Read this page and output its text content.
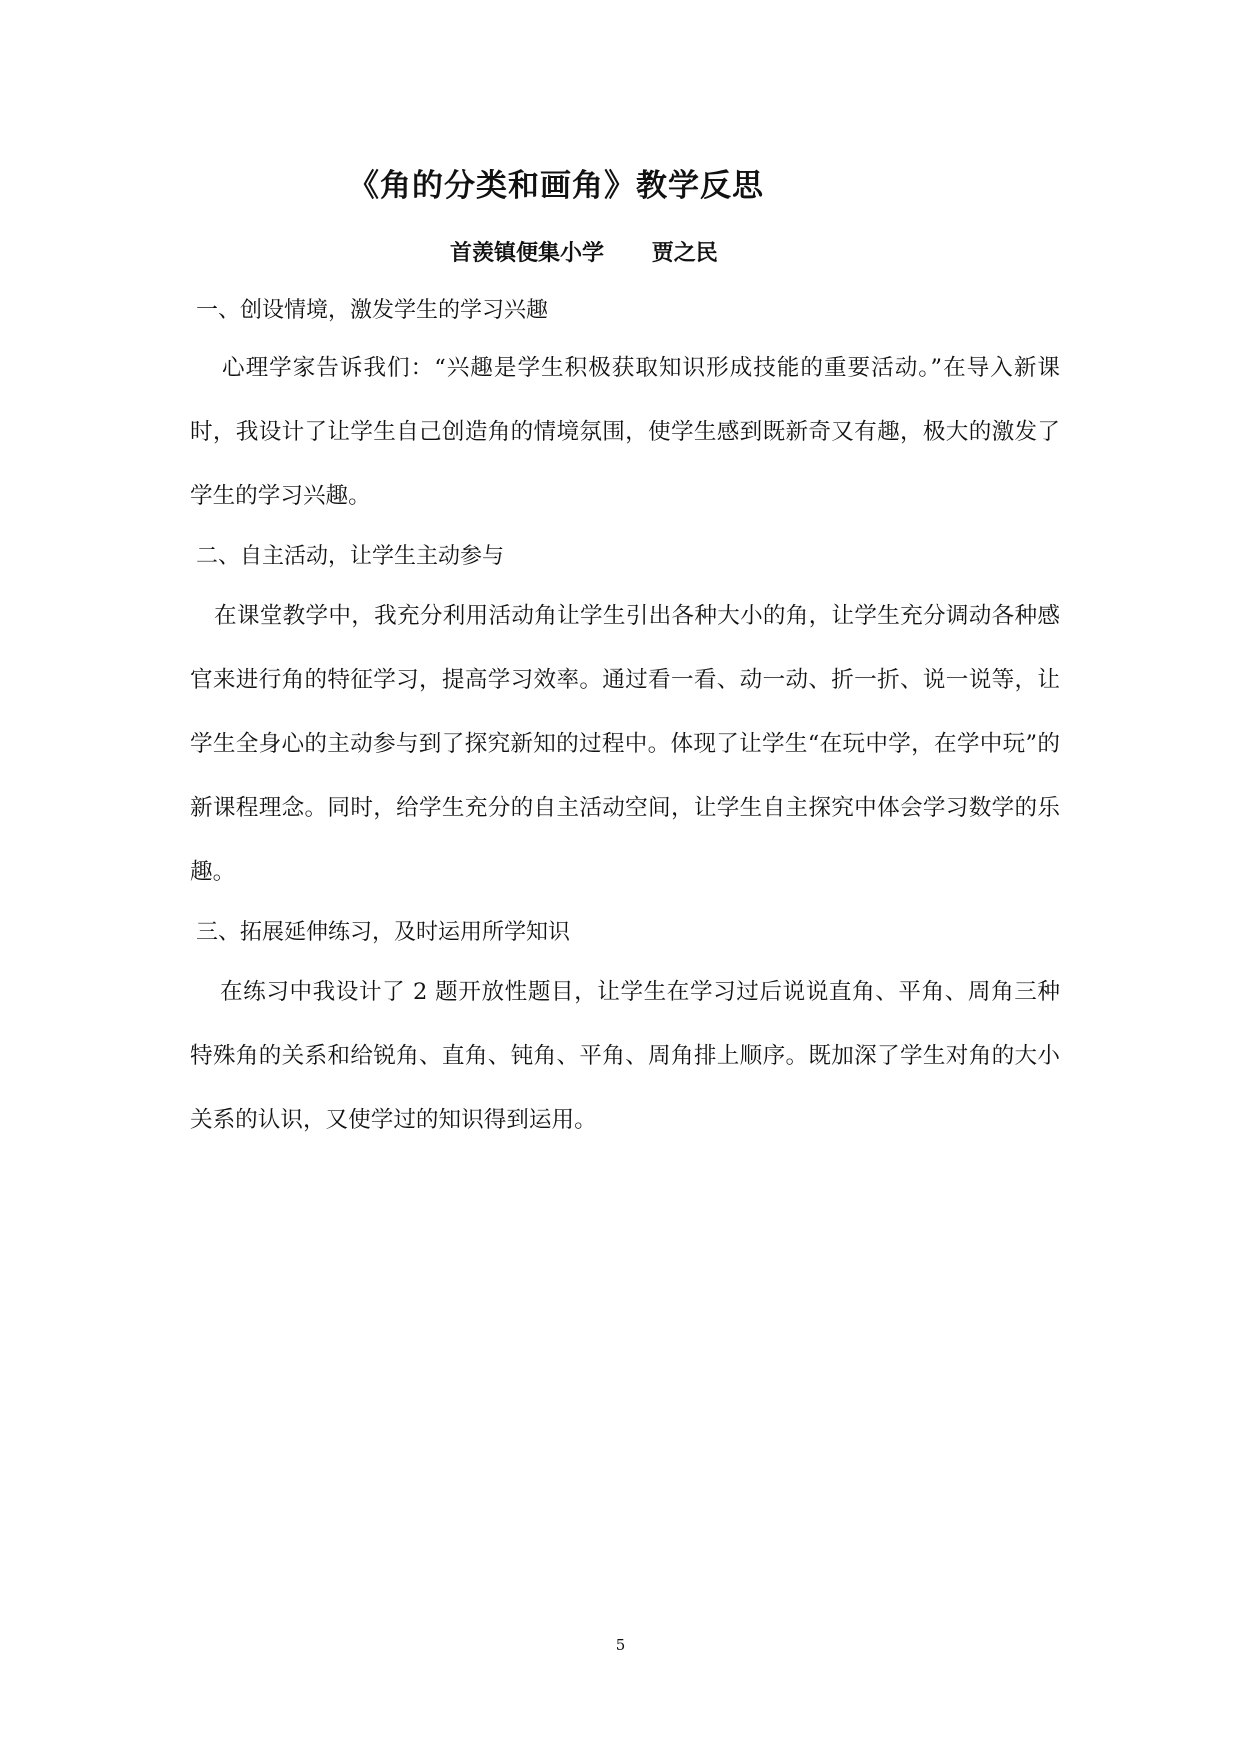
《角的分类和画角》教学反思
首羡镇便集小学 贾之民

一、创设情境，激发学生的学习兴趣

心理学家告诉我们：“兴趣是学生积极获取知识形成技能的重要活动。”在导入新课时，我设计了让学生自己创造角的情境氛围，使学生感到既新奇又有趣，极大的激发了学生的学习兴趣。

二、自主活动，让学生主动参与

在课堂教学中，我充分利用活动角让学生引出各种大小的角，让学生充分调动各种感官来进行角的特征学习，提高学习效率。通过看一看、动一动、折一折、说一说等，让学生全身心的主动参与到了探究新知的过程中。体现了让学生“在玩中学，在学中玩”的新课程理念。同时，给学生充分的自主活动空间，让学生自主探究中体会学习数学的乐趣。

三、拓展延伸练习，及时运用所学知识

在练习中我设计了 2 题开放性题目，让学生在学习过后说说直角、平角、周角三种特殊角的关系和给锐角、直角、钝角、平角、周角排上顺序。既加深了学生对角的大小关系的认识，又使学过的知识得到运用。

5
